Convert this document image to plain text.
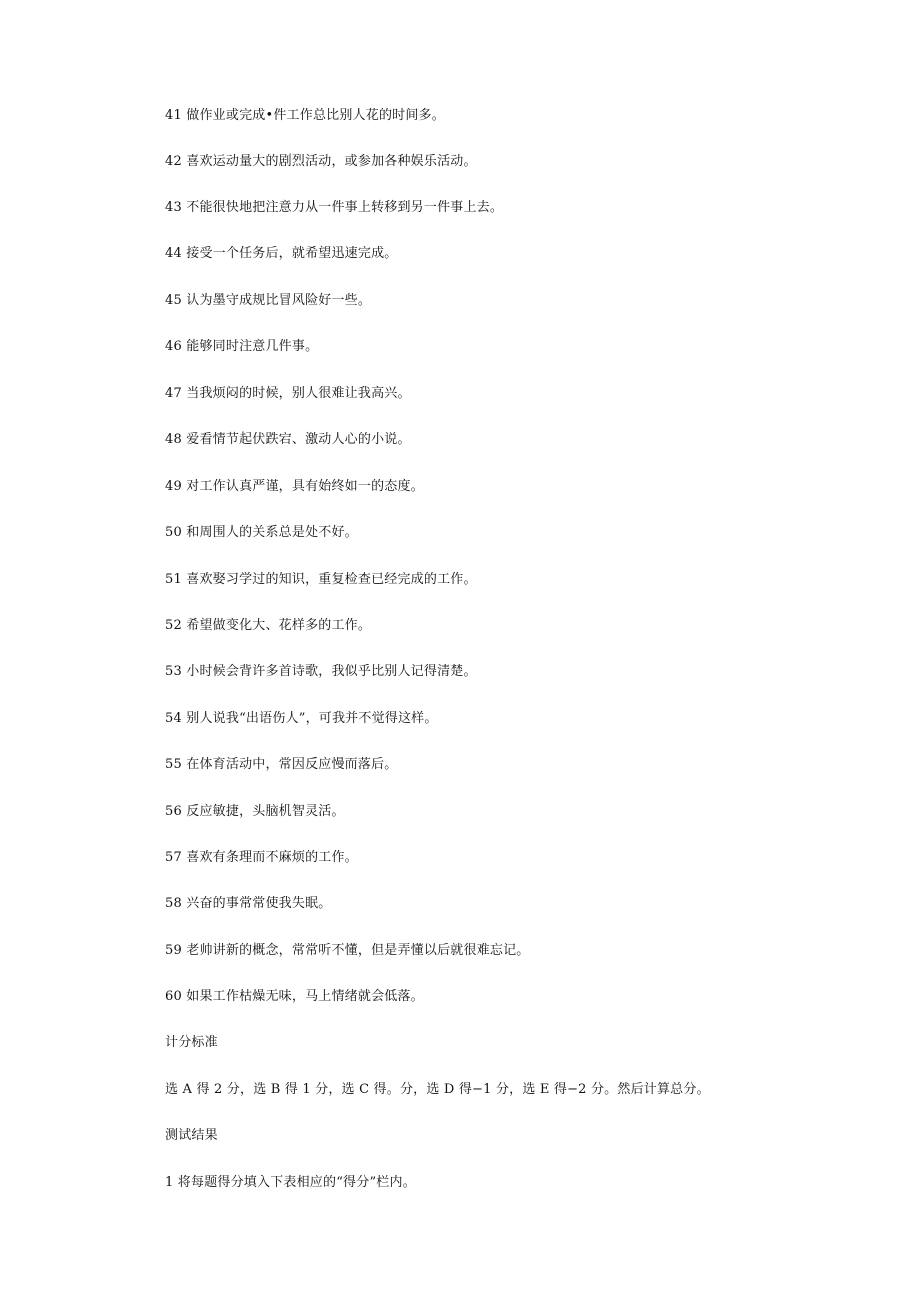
41 做作业或完成•件工作总比别人花的时间多。
42 喜欢运动量大的剧烈活动，或参加各种娱乐活动。
43 不能很快地把注意力从一件事上转移到另一件事上去。
44 接受一个任务后，就希望迅速完成。
45 认为墨守成规比冒风险好一些。
46 能够同时注意几件事。
47 当我烦闷的时候，别人很难让我高兴。
48 爱看情节起伏跌宕、激动人心的小说。
49 对工作认真严谨，具有始终如一的态度。
50 和周围人的关系总是处不好。
51 喜欢娶习学过的知识，重复检查已经完成的工作。
52 希望做变化大、花样多的工作。
53 小时候会背许多首诗歌，我似乎比别人记得清楚。
54 别人说我“出语伤人”，可我并不觉得这样。
55 在体育活动中，常因反应慢而落后。
56 反应敏捷，头脑机智灵活。
57 喜欢有条理而不麻烦的工作。
58 兴奋的事常常使我失眠。
59 老帅讲新的概念，常常听不懂，但是弄懂以后就很难忘记。
60 如果工作枯燥无味，马上情绪就会低落。
计分标准
选 A 得 2 分，选 B 得 1 分，选 C 得。分，选 D 得−1 分，选 E 得−2 分。然后计算总分。
测试结果
1 将每题得分填入下表相应的“得分”栏内。
